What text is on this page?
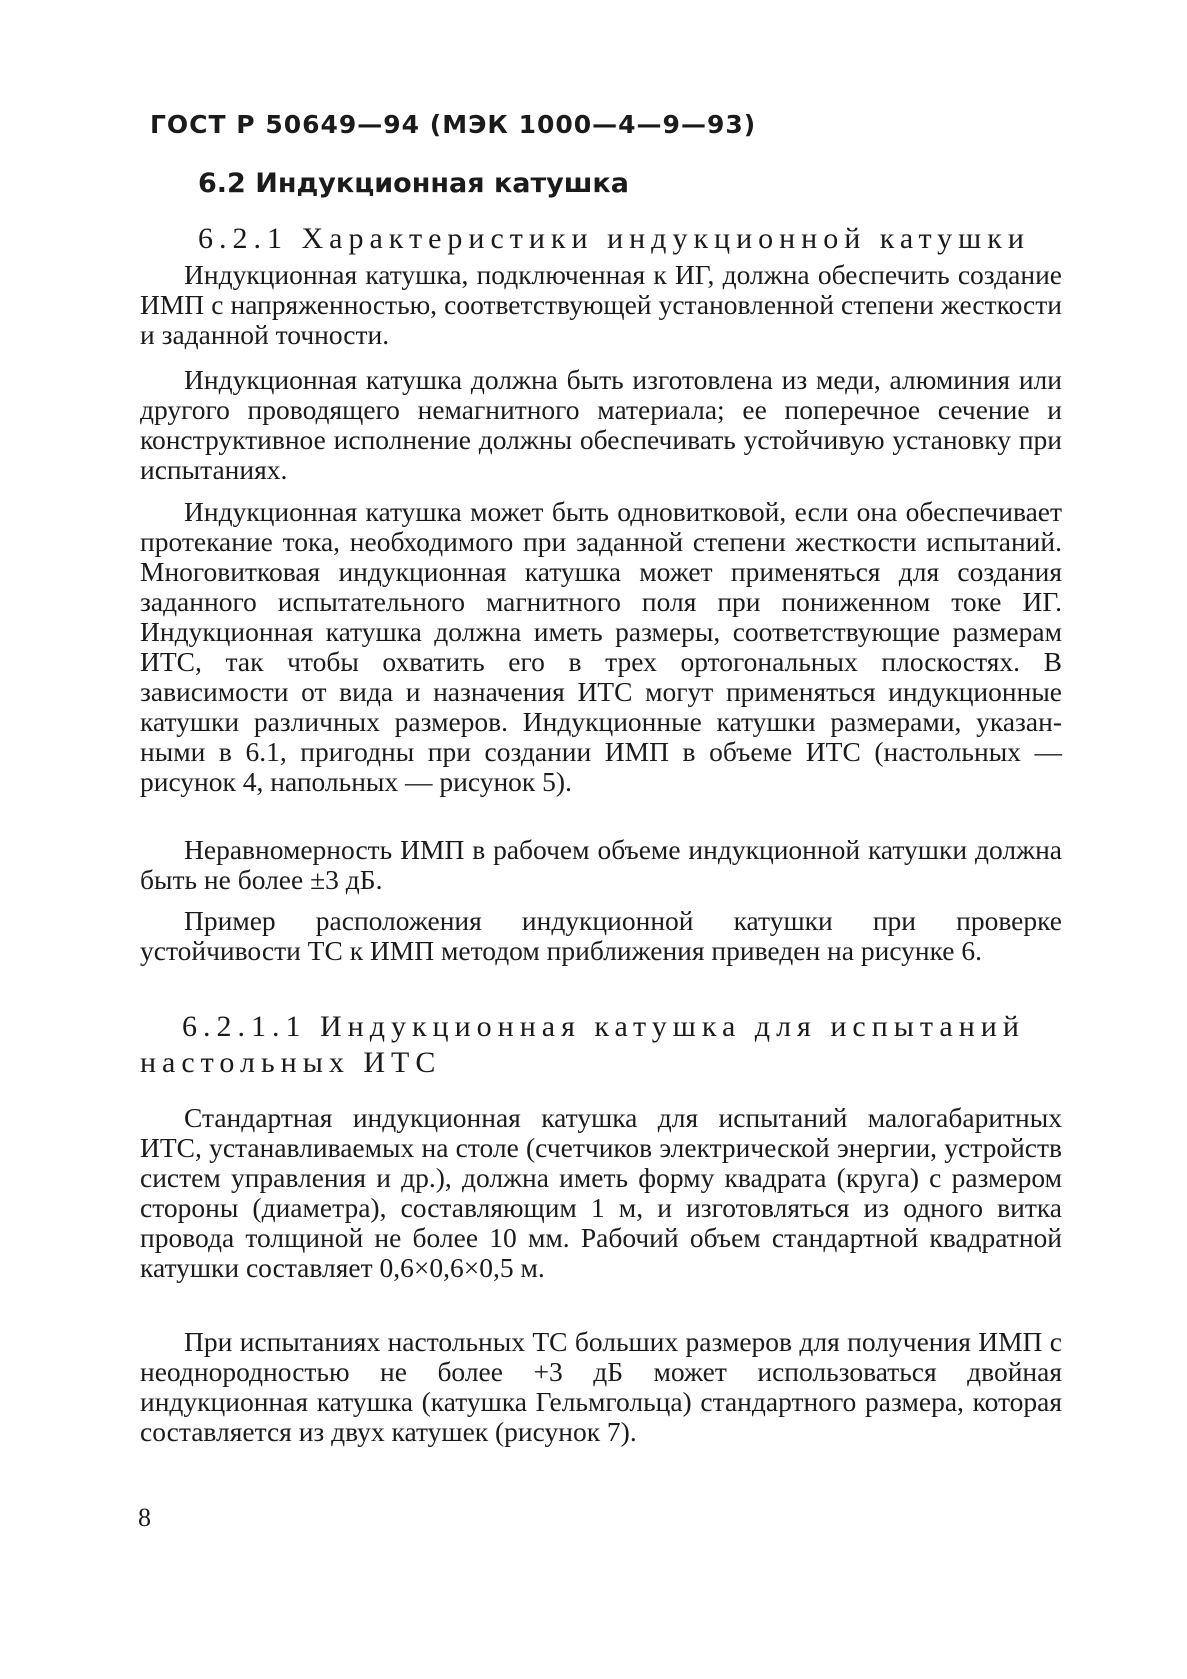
ГОСТ Р 50649—94 (МЭК 1000—4—9—93)
6.2 Индукционная катушка
6.2.1 Характеристики индукционной катушки

Индукционная катушка, подключенная к ИГ, должна обеспечить создание ИМП с напряженностью, соответствующей установленной степени жесткости и заданной точности.

Индукционная катушка должна быть изготовлена из меди, алюминия или другого проводящего немагнитного материала; ее поперечное сечение и конструктивное исполнение должны обеспечивать устойчивую установку при испытаниях.

Индукционная катушка может быть одновитковой, если она обеспечивает протекание тока, необходимого при заданной степени жесткости испытаний. Многовитковая индукционная катушка может применяться для создания заданного испытательного магнитного поля при пониженном токе ИГ. Индукционная катушка должна иметь размеры, соответствующие размерам ИТС, так чтобы охватить его в трех ортогональных плоскостях. В зависимости от вида и назначения ИТС могут применяться индукционные катушки различных размеров. Индукционные катушки размерами, указанными в 6.1, пригодны при создании ИМП в объеме ИТС (настольных — рисунок 4, напольных — рисунок 5).

Неравномерность ИМП в рабочем объеме индукционной катушки должна быть не более ±3 дБ.

Пример расположения индукционной катушки при проверке устойчивости ТС к ИМП методом приближения приведен на рисунке 6.

6.2.1.1 Индукционная катушка для испытаний
настольных ИТС

Стандартная индукционная катушка для испытаний малогабаритных ИТС, устанавливаемых на столе (счетчиков электрической энергии, устройств систем управления и др.), должна иметь форму квадрата (круга) с размером стороны (диаметра), составляющим 1 м, и изготовляться из одного витка провода толщиной не более 10 мм. Рабочий объем стандартной квадратной катушки составляет 0,6×0,6×0,5 м.

При испытаниях настольных ТС больших размеров для получения ИМП с неоднородностью не более +3 дБ может использоваться двойная индукционная катушка (катушка Гельмгольца) стандартного размера, которая составляется из двух катушек (рисунок 7).

8
